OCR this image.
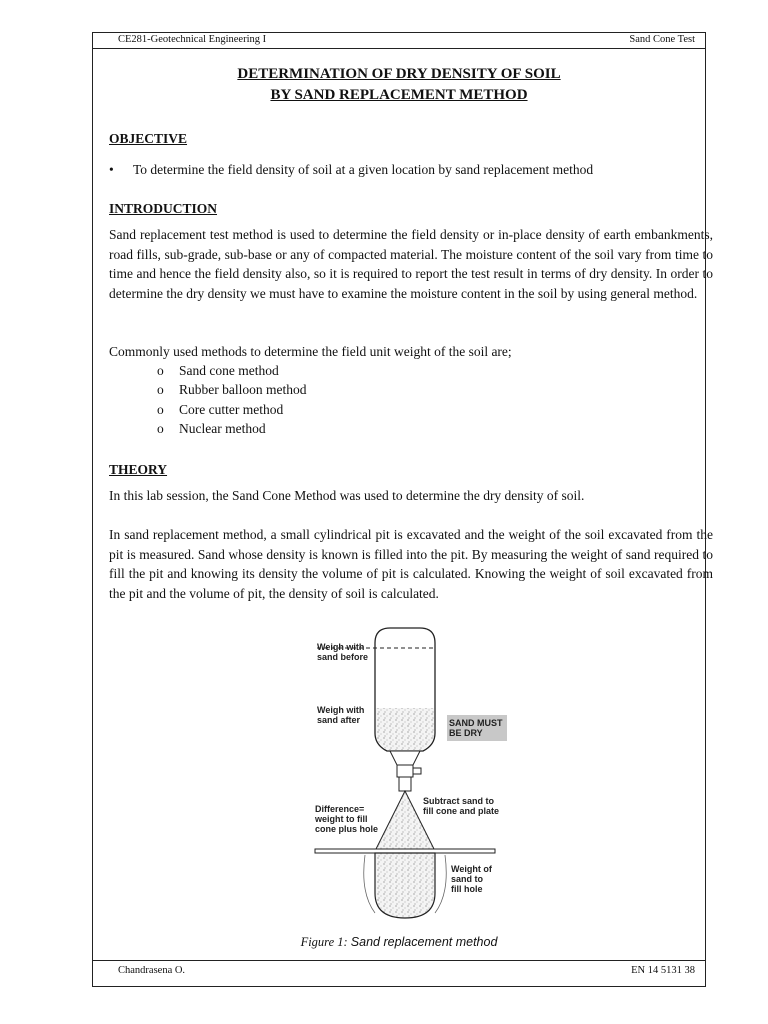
CE281-Geotechnical Engineering I	Sand Cone Test
DETERMINATION OF DRY DENSITY OF SOIL
BY SAND REPLACEMENT METHOD
OBJECTIVE
• To determine the field density of soil at a given location by sand replacement method
INTRODUCTION
Sand replacement test method is used to determine the field density or in-place density of earth embankments, road fills, sub-grade, sub-base or any of compacted material. The moisture content of the soil vary from time to time and hence the field density also, so it is required to report the test result in terms of dry density. In order to determine the dry density we must have to examine the moisture content in the soil by using general method.
Commonly used methods to determine the field unit weight of the soil are;
o Sand cone method
o Rubber balloon method
o Core cutter method
o Nuclear method
THEORY
In this lab session, the Sand Cone Method was used to determine the dry density of soil.
In sand replacement method, a small cylindrical pit is excavated and the weight of the soil excavated from the pit is measured. Sand whose density is known is filled into the pit. By measuring the weight of sand required to fill the pit and knowing its density the volume of pit is calculated. Knowing the weight of soil excavated from the pit and the volume of pit, the density of soil is calculated.
Weigh with
sand before
Weigh with
sand after	SAND MUST
BE DRY
Difference=
weight to fill
cone plus hole
Subtract sand to
fill cone and plate
Weight of
sand to
fill hole
Figure 1: Sand replacement method
Chandrasena O.	EN 14 5131 38
